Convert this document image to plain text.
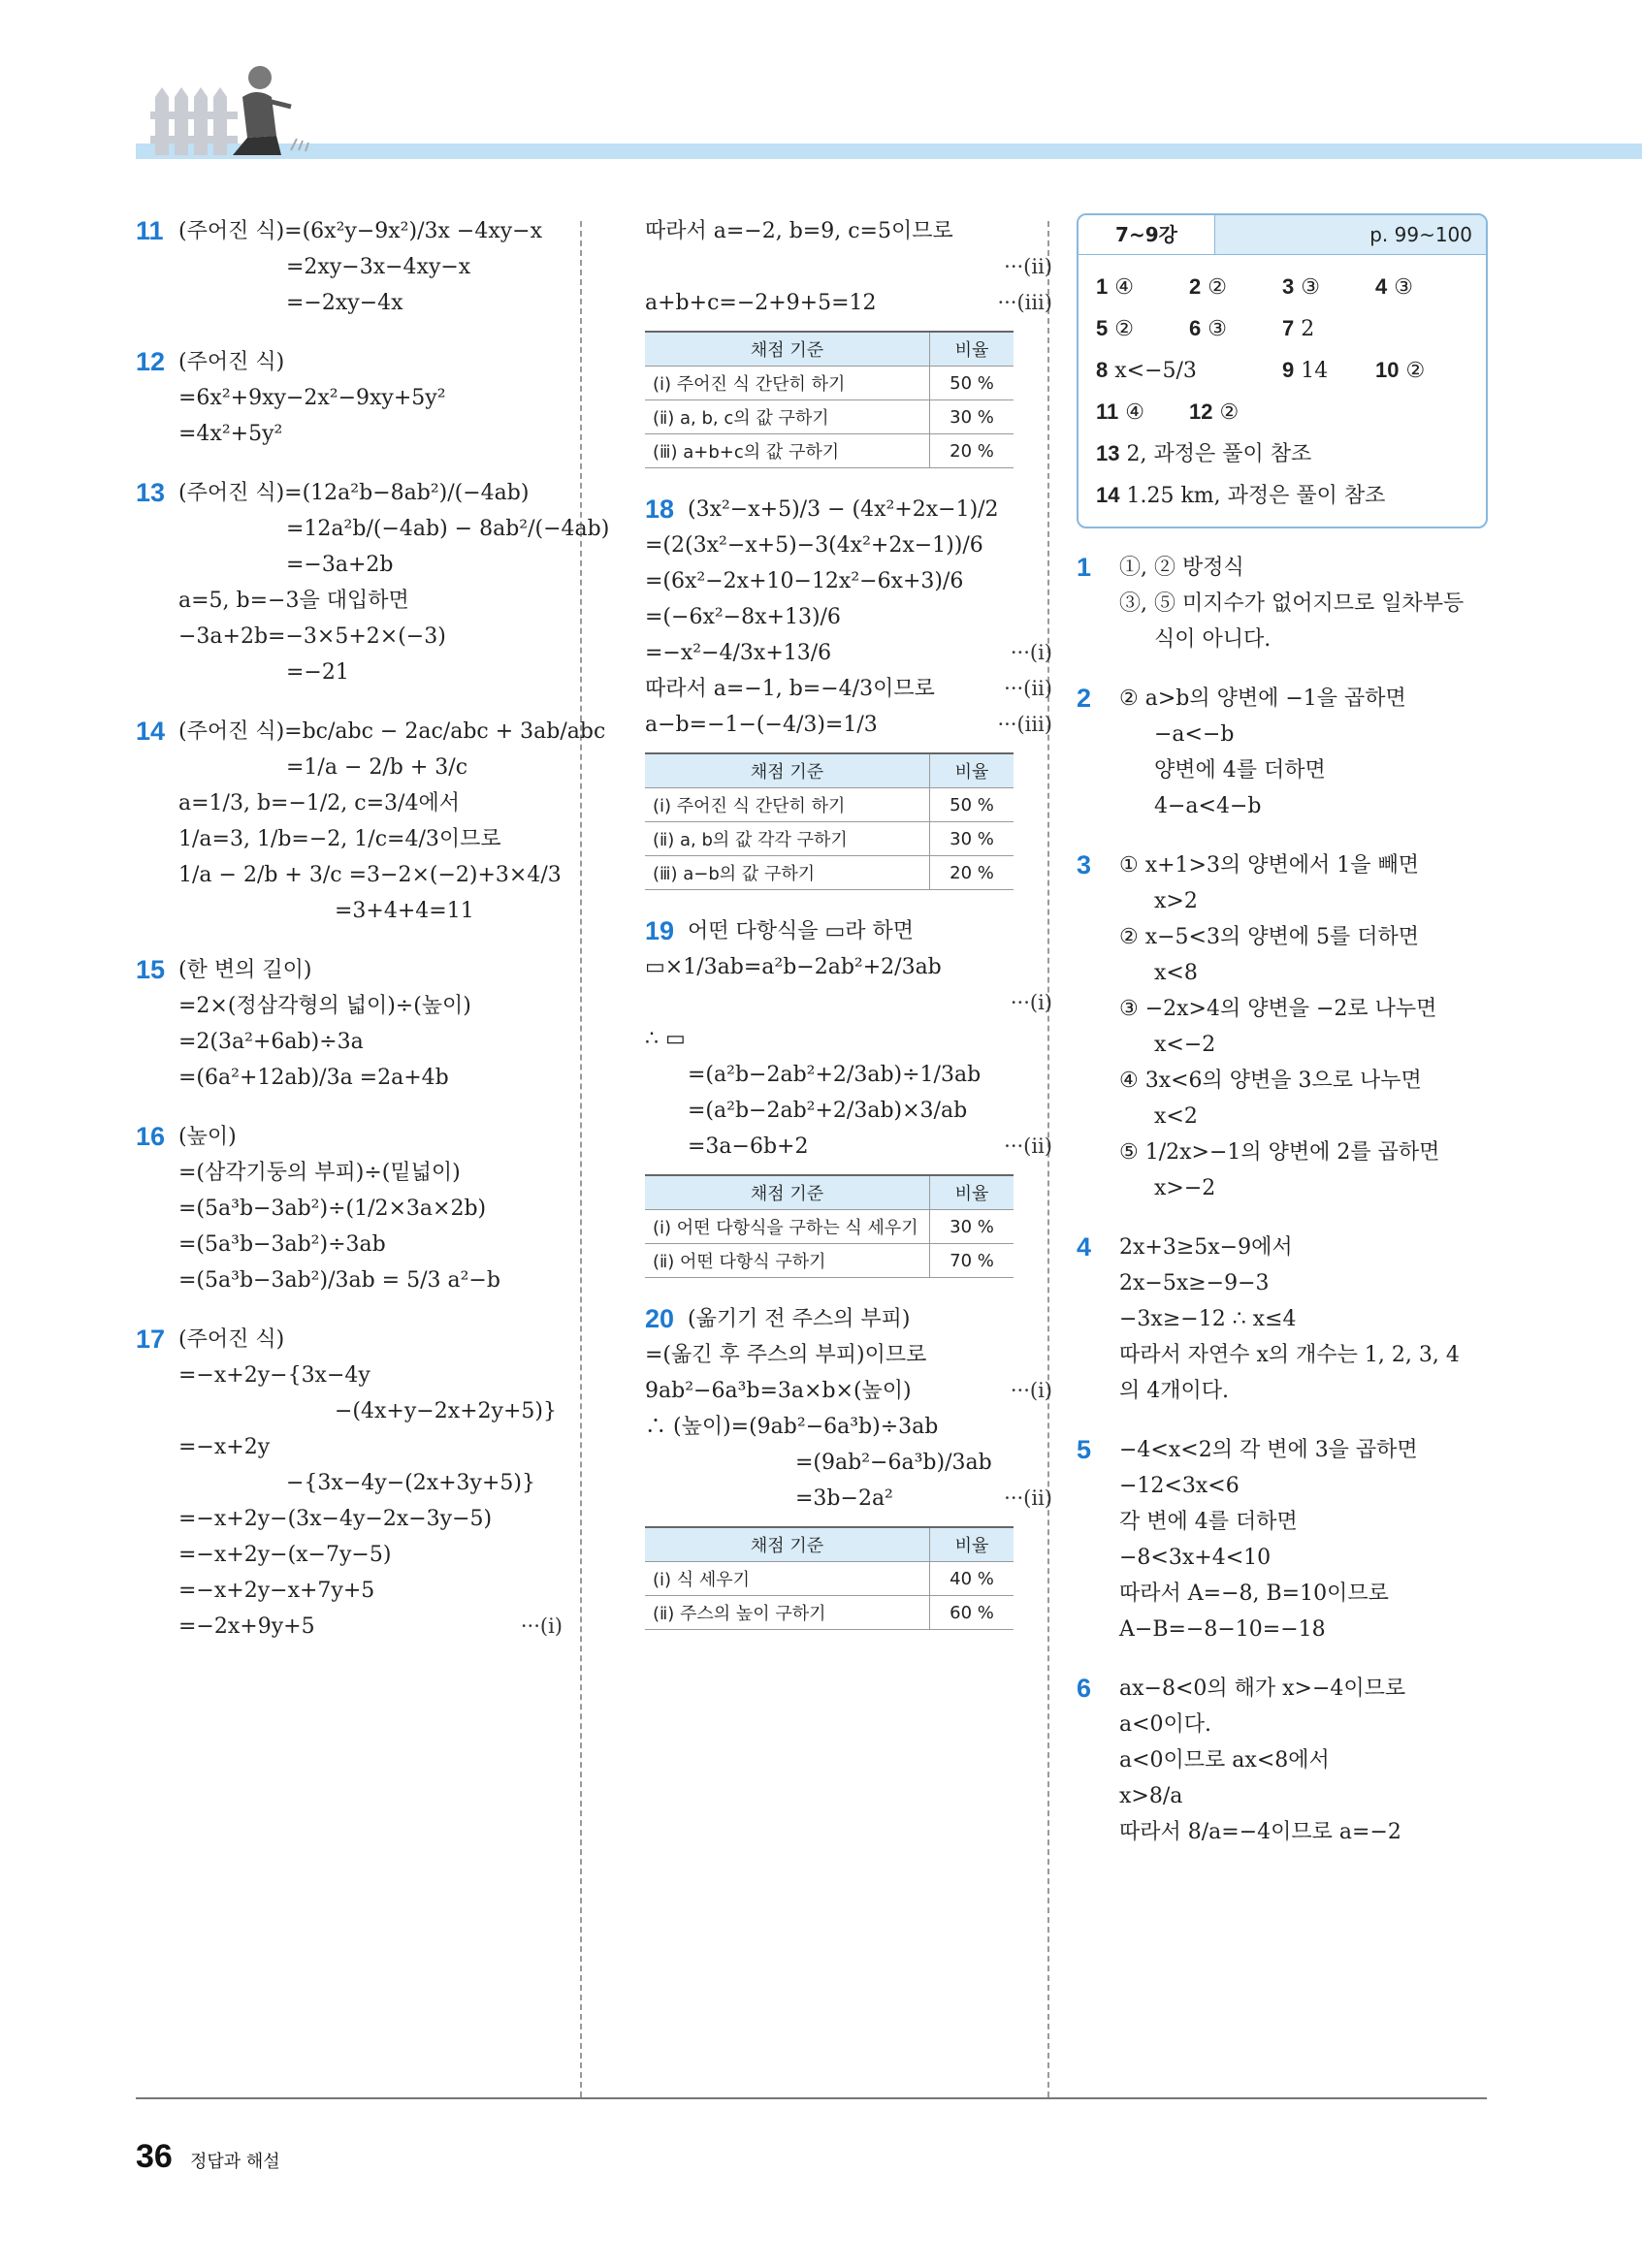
11 (주어진 식)=(6x²y−9x²)/3x −4xy−x
=2xy−3x−4xy−x
=−2xy−4x
12 (주어진 식)
=6x²+9xy−2x²−9xy+5y²
=4x²+5y²
13 (주어진 식)=(12a²b−8ab²)/(−4ab)
=12a²b/(−4ab) − 8ab²/(−4ab)
=−3a+2b
a=5, b=−3을 대입하면
−3a+2b=−3×5+2×(−3)
=−21
14 (주어진 식)=bc/abc − 2ac/abc + 3ab/abc
=1/a − 2/b + 3/c
a=1/3, b=−1/2, c=3/4에서
1/a=3, 1/b=−2, 1/c=4/3이므로
1/a − 2/b + 3/c =3−2×(−2)+3×4/3
=3+4+4=11
15 (한 변의 길이)
=2×(정삼각형의 넓이)÷(높이)
=2(3a²+6ab)÷3a
=(6a²+12ab)/3a =2a+4b
16 (높이)
=(삼각기둥의 부피)÷(밑넓이)
=(5a³b−3ab²)÷(1/2×3a×2b)
=(5a³b−3ab²)÷3ab
=(5a³b−3ab²)/3ab = 5/3 a²−b
17 (주어진 식)
=−x+2y−{3x−4y
−(4x+y−2x+2y+5)}
=−x+2y
−{3x−4y−(2x+3y+5)}
=−x+2y−(3x−4y−2x−3y−5)
=−x+2y−(x−7y−5)
=−x+2y−x+7y+5
=−2x+9y+5	···(ⅰ)
따라서 a=−2, b=9, c=5이므로
···(ⅱ)

a+b+c=−2+9+5=12	···(ⅲ)
채점 기준	비율
(ⅰ) 주어진 식 간단히 하기	50 %
(ⅱ) a, b, c의 값 구하기	30 %
(ⅲ) a+b+c의 값 구하기	20 %
18 (3x²−x+5)/3 − (4x²+2x−1)/2
=(2(3x²−x+5)−3(4x²+2x−1))/6
=(6x²−2x+10−12x²−6x+3)/6
=(−6x²−8x+13)/6
=−x²−4/3x+13/6	···(ⅰ)
따라서 a=−1, b=−4/3이므로	···(ⅱ)
a−b=−1−(−4/3)=1/3	···(ⅲ)
채점 기준	비율
(ⅰ) 주어진 식 간단히 하기	50 %
(ⅱ) a, b의 값 각각 구하기	30 %
(ⅲ) a−b의 값 구하기	20 %
19 어떤 다항식을 ▭라 하면
▭×1/3ab=a²b−2ab²+2/3ab
···(ⅰ)

∴ ▭
=(a²b−2ab²+2/3ab)÷1/3ab
=(a²b−2ab²+2/3ab)×3/ab
=3a−6b+2	···(ⅱ)
채점 기준	비율
(ⅰ) 어떤 다항식을 구하는 식 세우기	30 %
(ⅱ) 어떤 다항식 구하기	70 %
20 (옮기기 전 주스의 부피)
=(옮긴 후 주스의 부피)이므로
9ab²−6a³b=3a×b×(높이)	···(ⅰ)
∴ (높이)=(9ab²−6a³b)÷3ab
=(9ab²−6a³b)/3ab
=3b−2a²	···(ⅱ)
채점 기준	비율
(ⅰ) 식 세우기	40 %
(ⅱ) 주스의 높이 구하기	60 %
7~9강	p. 99~100
1 ④	2 ②	3 ③	4 ③
5 ②	6 ③	7 2
8 x<−5/3	9 14	10 ②
11 ④	12 ②
13 2, 과정은 풀이 참조
14 1.25 km, 과정은 풀이 참조
1 ①, ② 방정식
③, ⑤ 미지수가 없어지므로 일차부등
식이 아니다.
2 ② a>b의 양변에 −1을 곱하면
−a<−b
양변에 4를 더하면
4−a<4−b
3 ① x+1>3의 양변에서 1을 빼면
x>2
② x−5<3의 양변에 5를 더하면
x<8
③ −2x>4의 양변을 −2로 나누면
x<−2
④ 3x<6의 양변을 3으로 나누면
x<2
⑤ 1/2x>−1의 양변에 2를 곱하면
x>−2
4 2x+3≥5x−9에서
2x−5x≥−9−3
−3x≥−12 ∴ x≤4
따라서 자연수 x의 개수는 1, 2, 3, 4
의 4개이다.
5 −4<x<2의 각 변에 3을 곱하면
−12<3x<6
각 변에 4를 더하면
−8<3x+4<10
따라서 A=−8, B=10이므로
A−B=−8−10=−18
6 ax−8<0의 해가 x>−4이므로
a<0이다.
a<0이므로 ax<8에서
x>8/a
따라서 8/a=−4이므로 a=−2
36 정답과 해설
